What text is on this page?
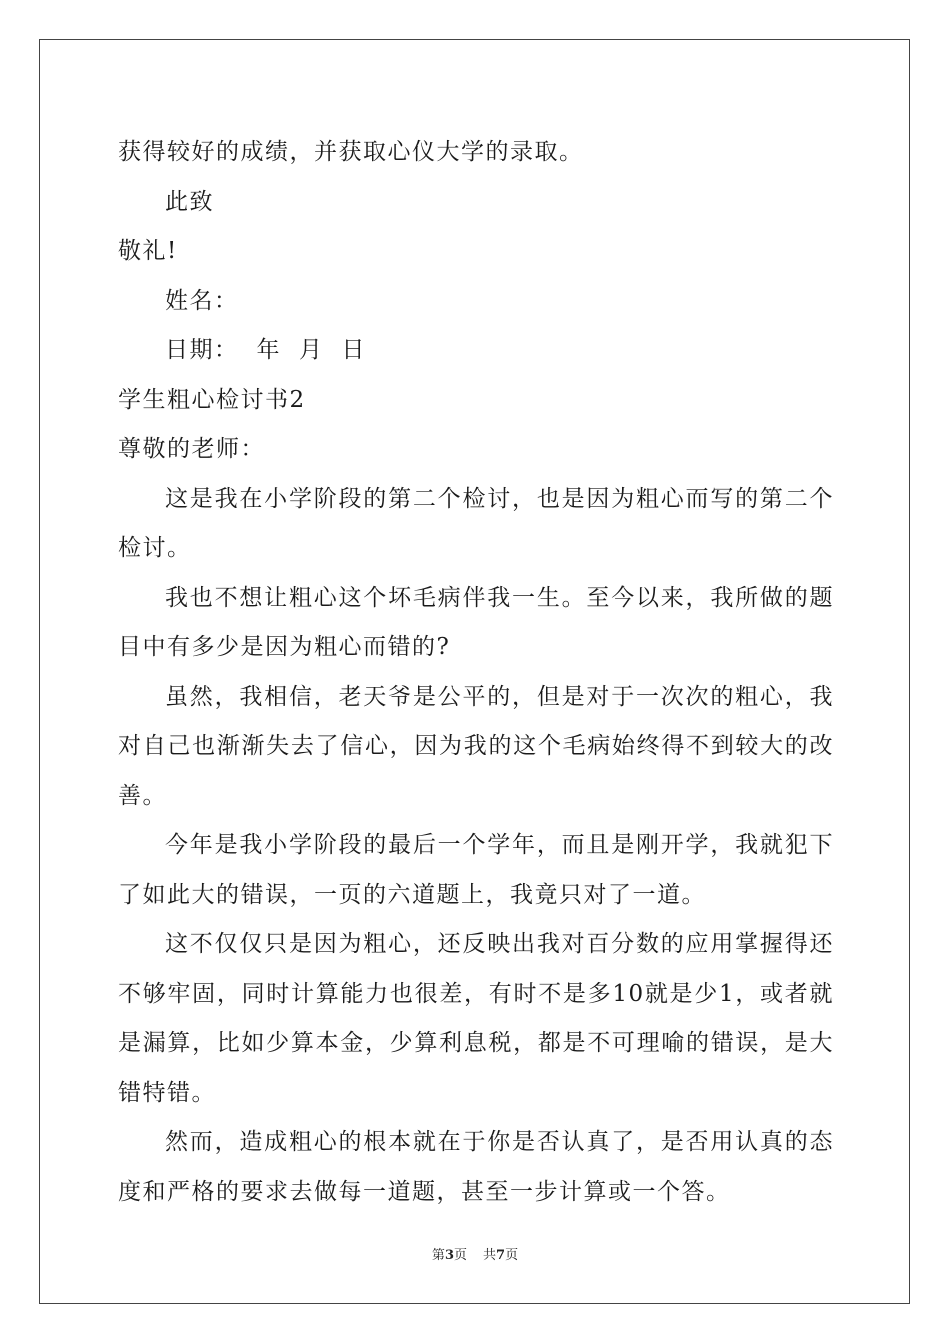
获得较好的成绩，并获取心仪大学的录取。
此致
敬礼!
姓名：
日期： 年 月 日
学生粗心检讨书2
尊敬的老师：
这是我在小学阶段的第二个检讨，也是因为粗心而写的第二个检讨。
我也不想让粗心这个坏毛病伴我一生。至今以来，我所做的题目中有多少是因为粗心而错的?
虽然，我相信，老天爷是公平的，但是对于一次次的粗心，我对自己也渐渐失去了信心，因为我的这个毛病始终得不到较大的改善。
今年是我小学阶段的最后一个学年，而且是刚开学，我就犯下了如此大的错误，一页的六道题上，我竟只对了一道。
这不仅仅只是因为粗心，还反映出我对百分数的应用掌握得还不够牢固，同时计算能力也很差，有时不是多10就是少1，或者就是漏算，比如少算本金，少算利息税，都是不可理喻的错误，是大错特错。
然而，造成粗心的根本就在于你是否认真了，是否用认真的态度和严格的要求去做每一道题，甚至一步计算或一个答。
第3页 共7页
